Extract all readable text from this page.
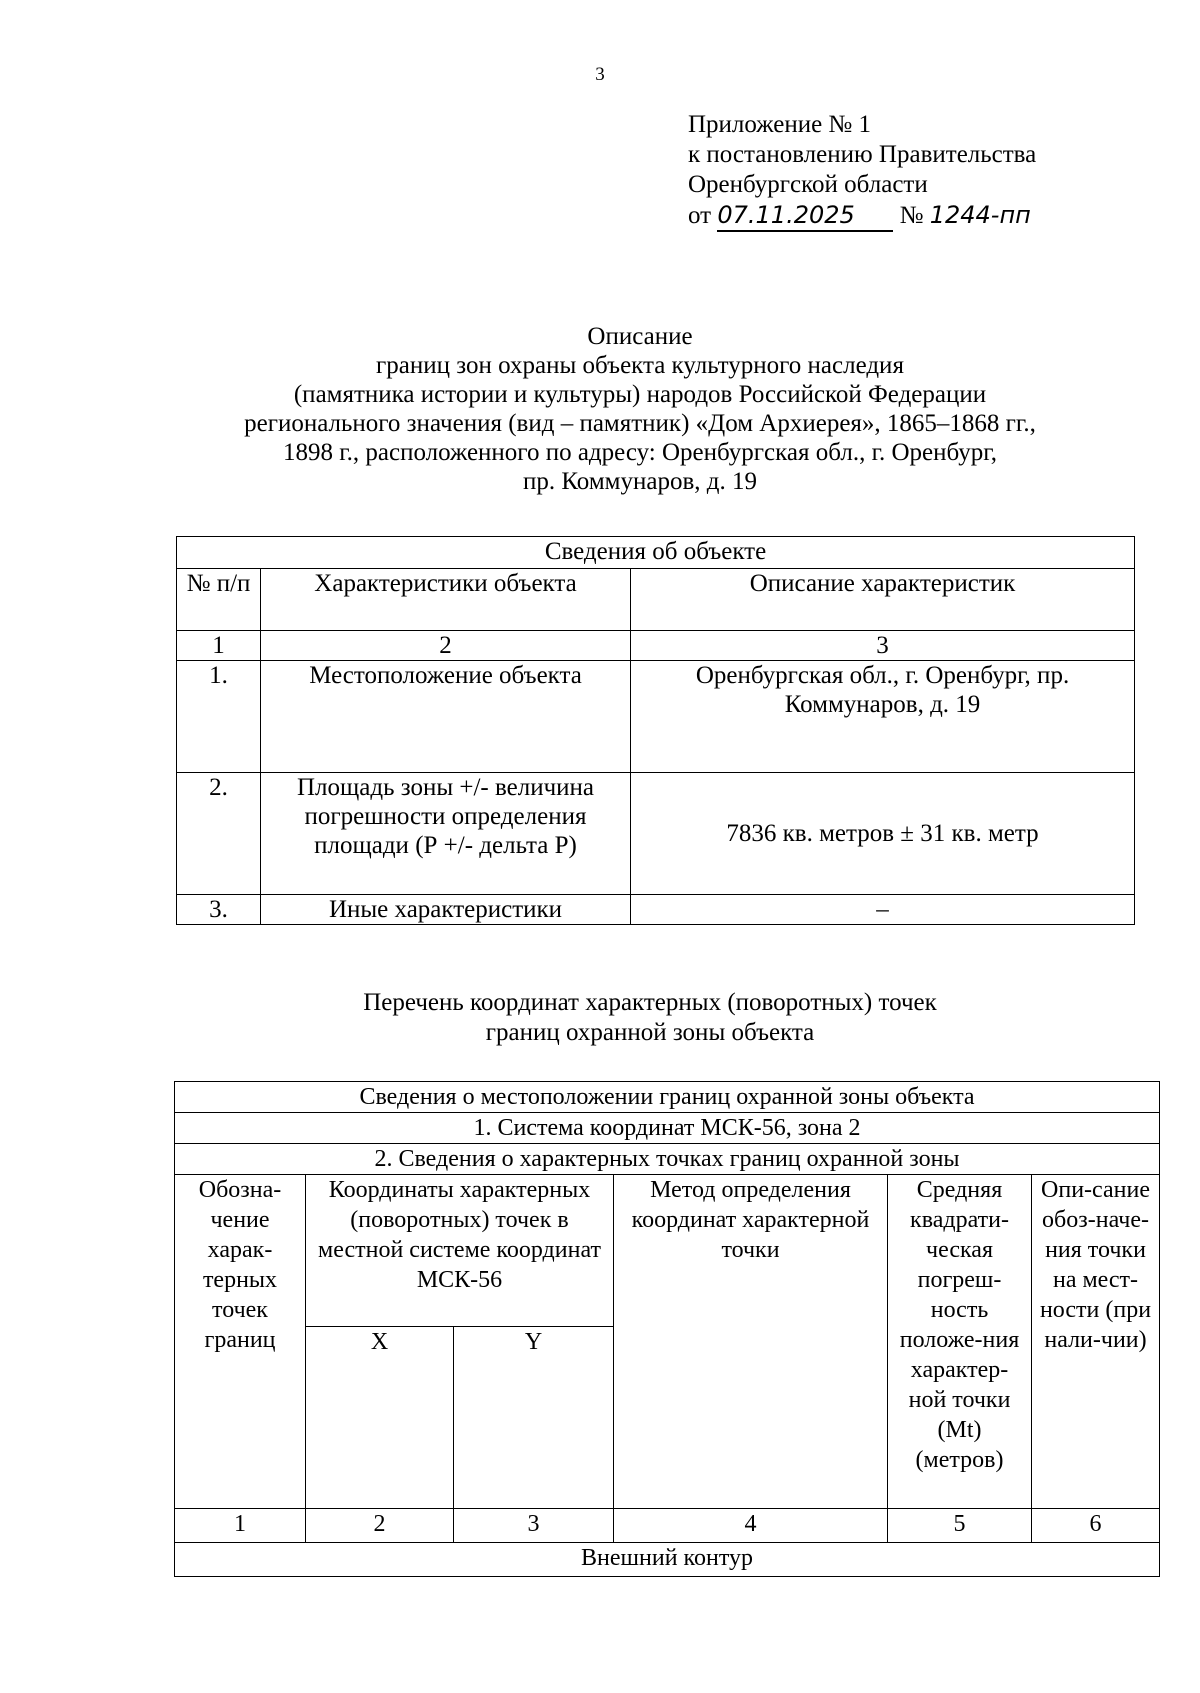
3
Приложение № 1
к постановлению Правительства
Оренбургской области
от 07.11.2025 № 1244-пп
Описание
границ зон охраны объекта культурного наследия
(памятника истории и культуры) народов Российской Федерации
регионального значения (вид – памятник) «Дом Архиерея», 1865–1868 гг.,
1898 г., расположенного по адресу: Оренбургская обл., г. Оренбург,
пр. Коммунаров, д. 19
Сведения об объекте		
№ п/п	Характеристики объекта	Описание характеристик
1	2	3
1.	Местоположение объекта	Оренбургская обл., г. Оренбург, пр. Коммунаров, д. 19
2.	Площадь зоны +/- величина погрешности определения площади (Р +/- дельта Р)	7836 кв. метров ± 31 кв. метр
3.	Иные характеристики	–
Перечень координат характерных (поворотных) точек
границ охранной зоны объекта
Сведения о местоположении границ охранной зоны объекта					
1. Система координат МСК-56, зона 2					
2. Сведения о характерных точках границ охранной зоны					
Обозна-чение харак-терных точек границ	Координаты характерных (поворотных) точек в местной системе координат МСК-56		Метод определения координат характерной точки	Средняя квадрати-ческая погреш-ность положе-ния характер-ной точки (Mt) (метров)	Опи-сание обоз-наче-ния точки на мест-ности (при нали-чии)
	X	Y			
1	2	3	4	5	6
Внешний контур					
